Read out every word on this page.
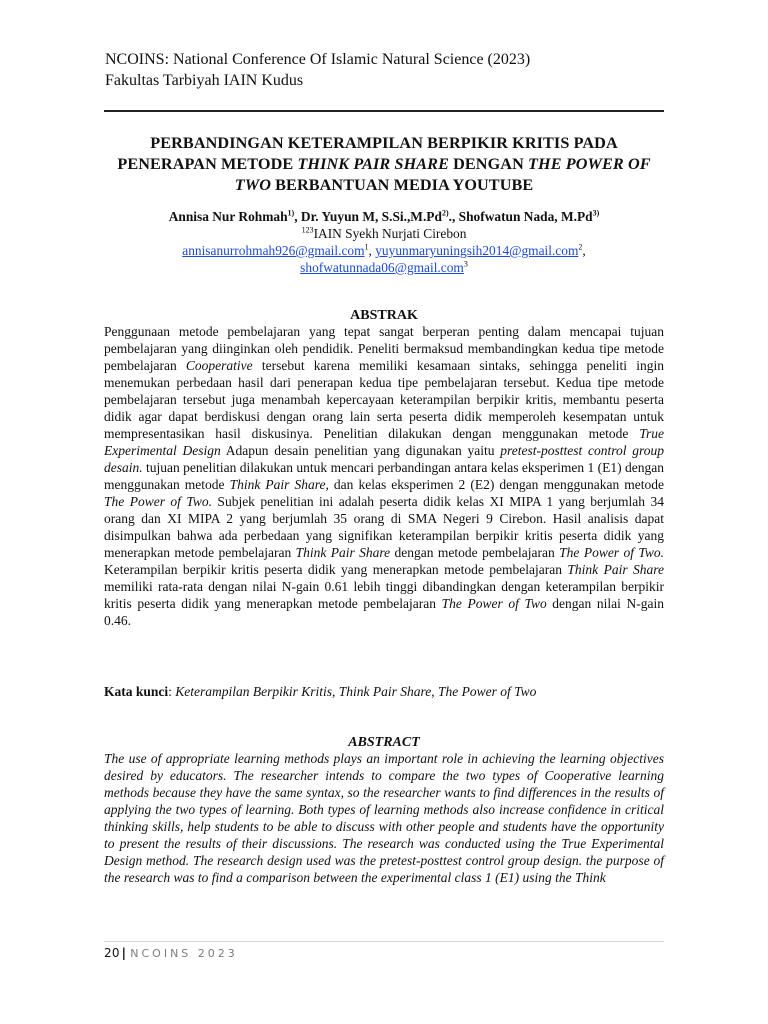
NCOINS: National Conference Of Islamic Natural Science (2023)
Fakultas Tarbiyah IAIN Kudus
PERBANDINGAN KETERAMPILAN BERPIKIR KRITIS PADA PENERAPAN METODE THINK PAIR SHARE DENGAN THE POWER OF TWO BERBANTUAN MEDIA YOUTUBE
Annisa Nur Rohmah$^{1)}$, Dr. Yuyun M, S.Si.,M.Pd$^{2)}$., Shofwatun Nada, M.Pd$^{3)}$
$^{123}$IAIN Syekh Nurjati Cirebon
annisanurrohmah926@gmail.com$^1$, yuyunmaryuningsih2014@gmail.com$^2$,
shofwatunnada06@gmail.com$^3$
ABSTRAK
Penggunaan metode pembelajaran yang tepat sangat berperan penting dalam mencapai tujuan pembelajaran yang diinginkan oleh pendidik. Peneliti bermaksud membandingkan kedua tipe metode pembelajaran Cooperative tersebut karena memiliki kesamaan sintaks, sehingga peneliti ingin menemukan perbedaan hasil dari penerapan kedua tipe pembelajaran tersebut. Kedua tipe metode pembelajaran tersebut juga menambah kepercayaan keterampilan berpikir kritis, membantu peserta didik agar dapat berdiskusi dengan orang lain serta peserta didik memperoleh kesempatan untuk mempresentasikan hasil diskusinya. Penelitian dilakukan dengan menggunakan metode True Experimental Design Adapun desain penelitian yang digunakan yaitu pretest-posttest control group desain. tujuan penelitian dilakukan untuk mencari perbandingan antara kelas eksperimen 1 (E1) dengan menggunakan metode Think Pair Share, dan kelas eksperimen 2 (E2) dengan menggunakan metode The Power of Two. Subjek penelitian ini adalah peserta didik kelas XI MIPA 1 yang berjumlah 34 orang dan XI MIPA 2 yang berjumlah 35 orang di SMA Negeri 9 Cirebon. Hasil analisis dapat disimpulkan bahwa ada perbedaan yang signifikan keterampilan berpikir kritis peserta didik yang menerapkan metode pembelajaran Think Pair Share dengan metode pembelajaran The Power of Two. Keterampilan berpikir kritis peserta didik yang menerapkan metode pembelajaran Think Pair Share memiliki rata-rata dengan nilai N-gain 0.61 lebih tinggi dibandingkan dengan keterampilan berpikir kritis peserta didik yang menerapkan metode pembelajaran The Power of Two dengan nilai N-gain 0.46.
Kata kunci: Keterampilan Berpikir Kritis, Think Pair Share, The Power of Two
ABSTRACT
The use of appropriate learning methods plays an important role in achieving the learning objectives desired by educators. The researcher intends to compare the two types of Cooperative learning methods because they have the same syntax, so the researcher wants to find differences in the results of applying the two types of learning. Both types of learning methods also increase confidence in critical thinking skills, help students to be able to discuss with other people and students have the opportunity to present the results of their discussions. The research was conducted using the True Experimental Design method. The research design used was the pretest-posttest control group design. the purpose of the research was to find a comparison between the experimental class 1 (E1) using the Think
20 | NCOINS 2023
